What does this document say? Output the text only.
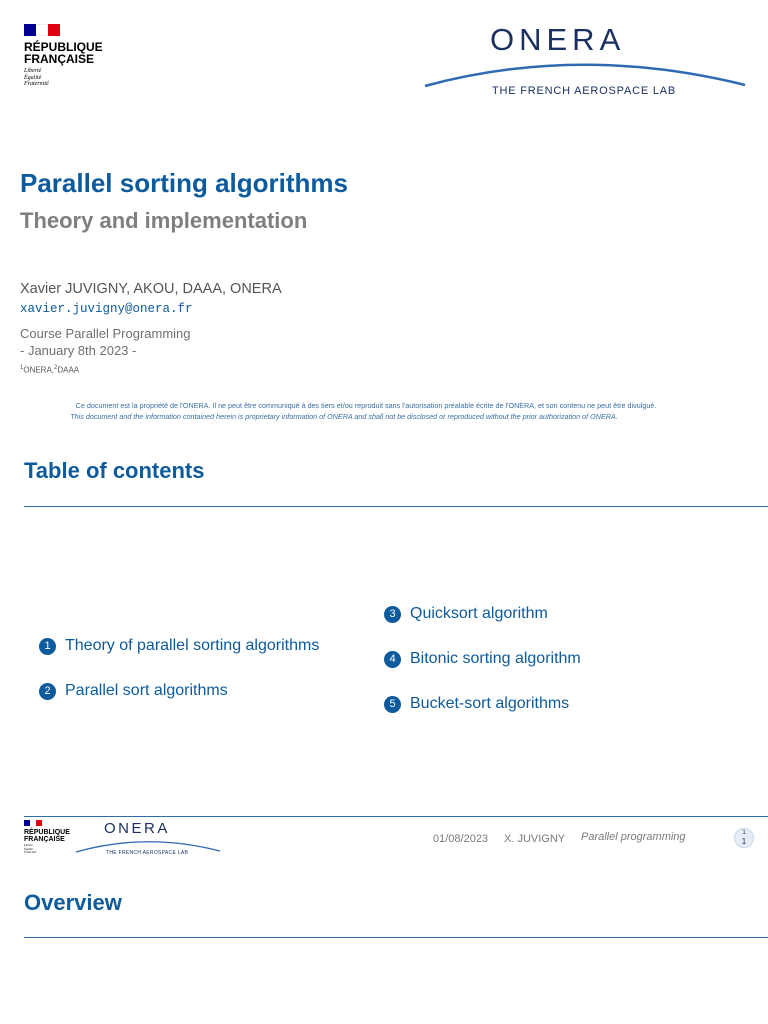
RÉPUBLIQUE
FRANÇAISE
Liberté
Égalité
Fraternité
ONERA
THE FRENCH AEROSPACE LAB
Parallel sorting algorithms
Theory and implementation
Xavier JUVIGNY, AKOU, DAAA, ONERA
xavier.juvigny@onera.fr
Course Parallel Programming
- January 8th 2023 -
$^1$ONERA,$^2$DAAA
Ce document est la propriété de l'ONERA. Il ne peut être communiqué à des tiers et/ou reproduit sans l'autorisation préalable écrite de l'ONERA, et son contenu ne peut être divulgué.
This document and the information contained herein is proprietary information of ONERA and shall not be disclosed or reproduced without the prior authorization of ONERA.
Table of contents
1 Theory of parallel sorting algorithms
2 Parallel sort algorithms
3 Quicksort algorithm
4 Bitonic sorting algorithm
5 Bucket-sort algorithms
RÉPUBLIQUE
FRANÇAISE
Liberté
Égalité
Fraternité
ONERA
THE FRENCH AEROSPACE LAB
01/08/2023 X. JUVIGNY Parallel programming	1
1
Overview
